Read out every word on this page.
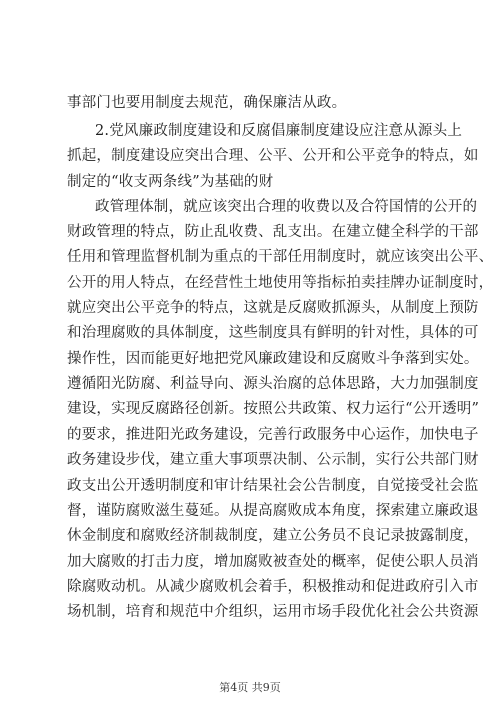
事部门也要用制度去规范，确保廉洁从政。
2.党风廉政制度建设和反腐倡廉制度建设应注意从源头上
抓起，制度建设应突出合理、公平、公开和公平竞争的特点，如
制定的“收支两条线”为基础的财
政管理体制，就应该突出合理的收费以及合符国情的公开的
财政管理的特点，防止乱收费、乱支出。在建立健全科学的干部
任用和管理监督机制为重点的干部任用制度时，就应该突出公平、
公开的用人特点，在经营性土地使用等指标拍卖挂牌办证制度时，
就应突出公平竞争的特点，这就是反腐败抓源头，从制度上预防
和治理腐败的具体制度，这些制度具有鲜明的针对性，具体的可
操作性，因而能更好地把党风廉政建设和反腐败斗争落到实处。
遵循阳光防腐、利益导向、源头治腐的总体思路，大力加强制度
建设，实现反腐路径创新。按照公共政策、权力运行“公开透明”
的要求，推进阳光政务建设，完善行政服务中心运作，加快电子
政务建设步伐，建立重大事项票决制、公示制，实行公共部门财
政支出公开透明制度和审计结果社会公告制度，自觉接受社会监
督，谨防腐败滋生蔓延。从提高腐败成本角度，探索建立廉政退
休金制度和腐败经济制裁制度，建立公务员不良记录披露制度，
加大腐败的打击力度，增加腐败被查处的概率，促使公职人员消
除腐败动机。从减少腐败机会着手，积极推动和促进政府引入市
场机制，培育和规范中介组织，运用市场手段优化社会公共资源
第4页 共9页
